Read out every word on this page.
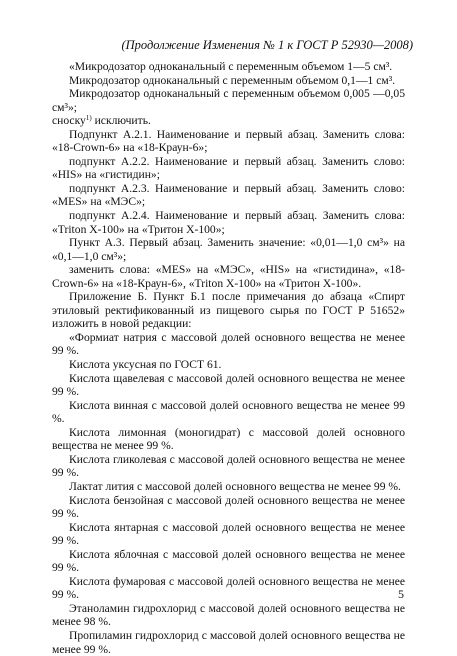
(Продолжение Изменения № 1 к ГОСТ Р 52930—2008)

«Микродозатор одноканальный с переменным объемом 1—5 см³.

Микродозатор одноканальный с переменным объемом 0,1—1 см³.

Микродозатор одноканальный с переменным объемом 0,005 —0,05 см³»;

сноску$^{1)}$ исключить.

Подпункт А.2.1. Наименование и первый абзац. Заменить слова: «18-Crown-6» на «18-Краун-6»;

подпункт А.2.2. Наименование и первый абзац. Заменить слово: «HIS» на «гистидин»;

подпункт А.2.3. Наименование и первый абзац. Заменить слово: «MES» на «МЭС»;

подпункт А.2.4. Наименование и первый абзац. Заменить слова: «Triton Х-100» на «Тритон Х-100»;

Пункт А.3. Первый абзац. Заменить значение: «0,01—1,0 см³» на «0,1—1,0 см³»;

заменить слова: «MES» на «МЭС», «HIS» на «гистидина», «18-Crown-6» на «18-Краун-6», «Triton Х-100» на «Тритон Х-100».

Приложение Б. Пункт Б.1 после примечания до абзаца «Спирт этиловый ректификованный из пищевого сырья по ГОСТ Р 51652» изложить в новой редакции:

«Формиат натрия с массовой долей основного вещества не менее 99 %.

Кислота уксусная по ГОСТ 61.

Кислота щавелевая с массовой долей основного вещества не менее 99 %.

Кислота винная с массовой долей основного вещества не менее 99 %.

Кислота лимонная (моногидрат) с массовой долей основного вещества не менее 99 %.

Кислота гликолевая с массовой долей основного вещества не менее 99 %.

Лактат лития с массовой долей основного вещества не менее 99 %.

Кислота бензойная с массовой долей основного вещества не менее 99 %.

Кислота янтарная с массовой долей основного вещества не менее 99 %.

Кислота яблочная с массовой долей основного вещества не менее 99 %.

Кислота фумаровая с массовой долей основного вещества не менее 99 %.

Этаноламин гидрохлорид с массовой долей основного вещества не менее 98 %.

Пропиламин гидрохлорид с массовой долей основного вещества не менее 99 %.

5
